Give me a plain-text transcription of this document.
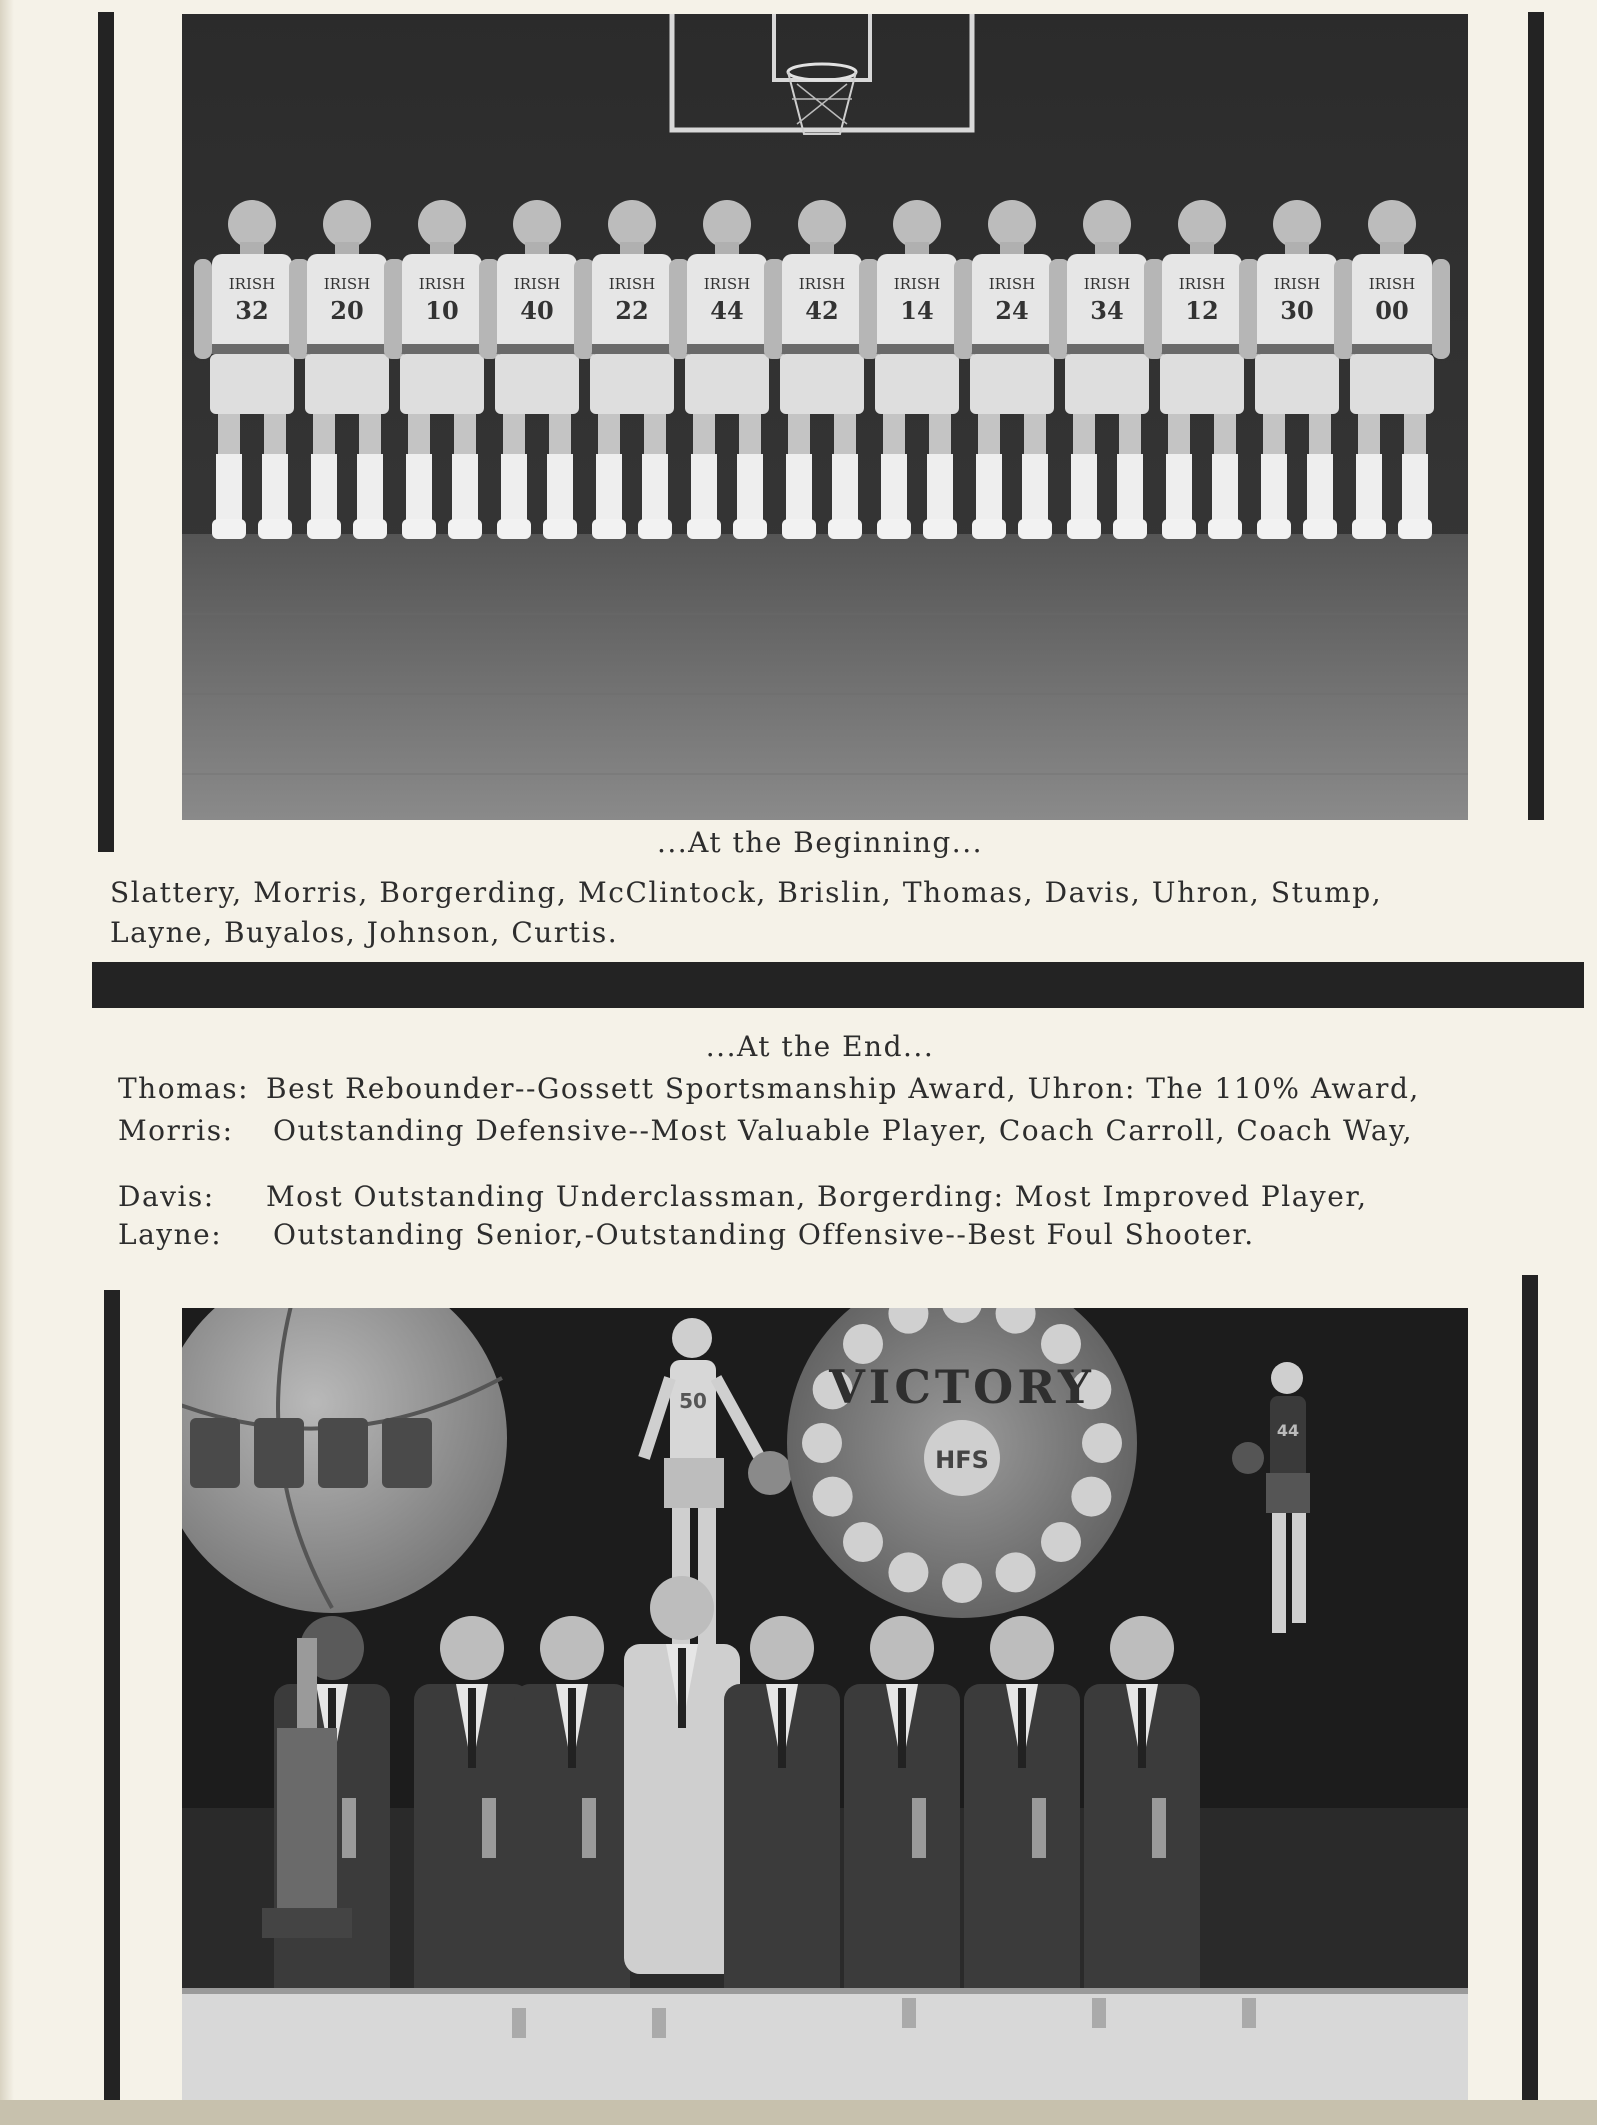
IRISH
32
IRISH
20
IRISH
10
IRISH
40
IRISH
22
IRISH
44
IRISH
42
IRISH
14
IRISH
24
IRISH
34
IRISH
12
IRISH
30
IRISH
00
...At the Beginning...
Slattery, Morris, Borgerding, McClintock, Brislin, Thomas, Davis, Uhron, Stump,
Layne, Buyalos, Johnson, Curtis.
...At the End...
Thomas: Best Rebounder--Gossett Sportsmanship Award, Uhron: The 110% Award,
Morris: Outstanding Defensive--Most Valuable Player, Coach Carroll, Coach Way,
Davis: Most Outstanding Underclassman, Borgerding: Most Improved Player,
Layne: Outstanding Senior,-Outstanding Offensive--Best Foul Shooter.
50
HFS
VICTORY
44
